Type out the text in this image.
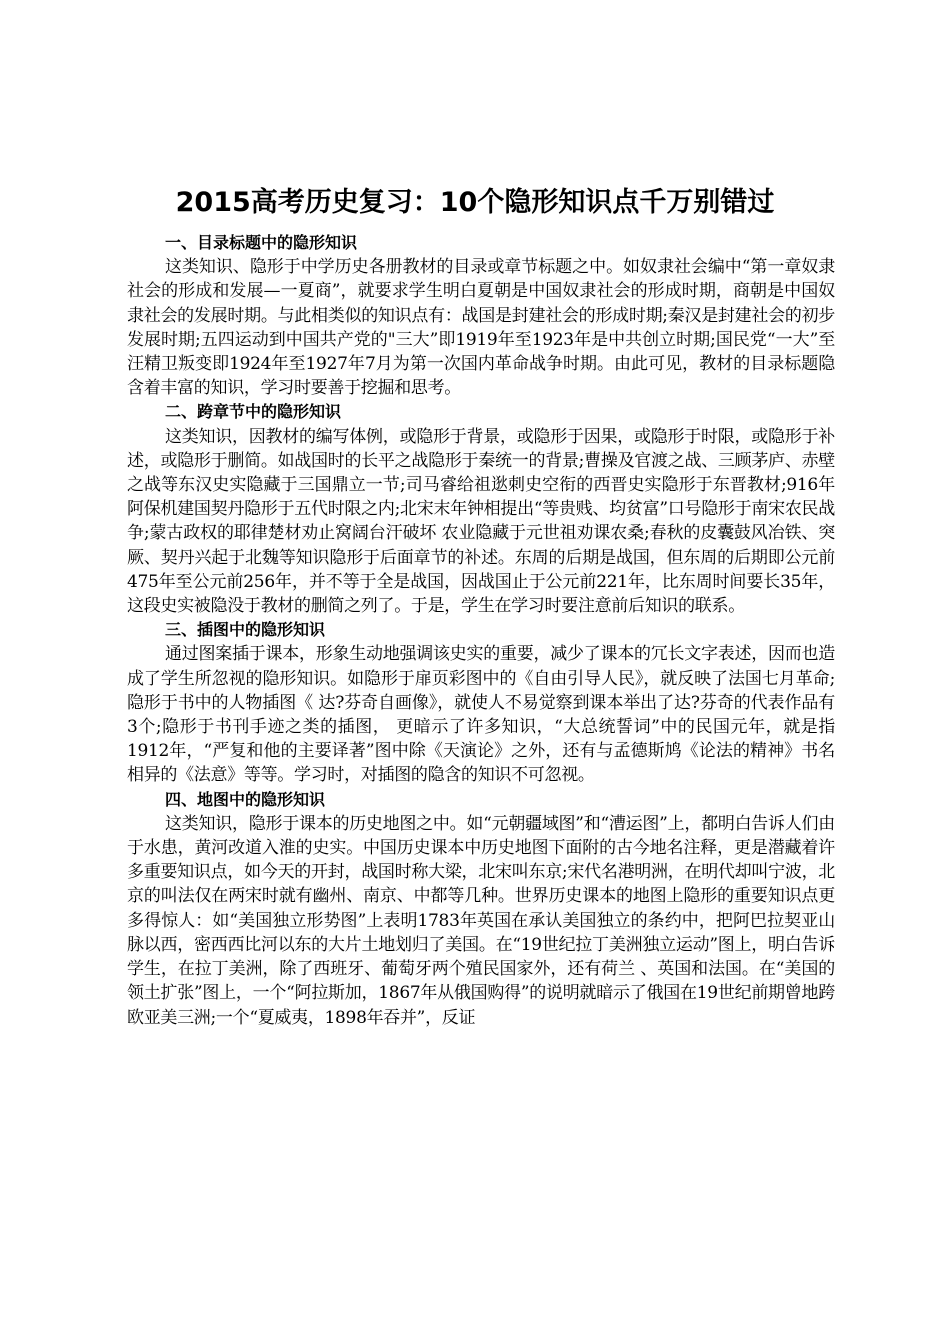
2015高考历史复习：10个隐形知识点千万别错过
一、目录标题中的隐形知识
这类知识、隐形于中学历史各册教材的目录或章节标题之中。如奴隶社会编中“第一章奴隶社会的形成和发展—一夏商”，就要求学生明白夏朝是中国奴隶社会的形成时期，商朝是中国奴隶社会的发展时期。与此相类似的知识点有：战国是封建社会的形成时期;秦汉是封建社会的初步发展时期;五四运动到中国共产党的"三大”即1919年至1923年是中共创立时期;国民党“一大”至汪精卫叛变即1924年至1927年7月为第一次国内革命战争时期。由此可见，教材的目录标题隐含着丰富的知识，学习时要善于挖掘和思考。
二、跨章节中的隐形知识
这类知识，因教材的编写体例，或隐形于背景，或隐形于因果，或隐形于时限，或隐形于补述，或隐形于删简。如战国时的长平之战隐形于秦统一的背景;曹操及官渡之战、三顾茅庐、赤壁之战等东汉史实隐藏于三国鼎立一节;司马睿给祖逖刺史空衔的西晋史实隐形于东晋教材;916年阿保机建国契丹隐形于五代时限之内;北宋末年钟相提出“等贵贱、均贫富”口号隐形于南宋农民战争;蒙古政权的耶律楚材劝止窝阔台汗破坏 农业隐藏于元世祖劝课农桑;春秋的皮囊鼓风冶铁、突厥、契丹兴起于北魏等知识隐形于后面章节的补述。东周的后期是战国，但东周的后期即公元前475年至公元前256年，并不等于全是战国，因战国止于公元前221年，比东周时间要长35年，这段史实被隐没于教材的删简之列了。于是，学生在学习时要注意前后知识的联系。
三、插图中的隐形知识
通过图案插于课本，形象生动地强调该史实的重要，减少了课本的冗长文字表述，因而也造成了学生所忽视的隐形知识。如隐形于扉页彩图中的《自由引导人民》，就反映了法国七月革命;隐形于书中的人物插图《 达?芬奇自画像》，就使人不易觉察到课本举出了达?芬奇的代表作品有3个;隐形于书刊手迹之类的插图， 更暗示了许多知识，“大总统誓词”中的民国元年，就是指1912年，“严复和他的主要译著”图中除《天演论》之外，还有与孟德斯鸠《论法的精神》书名相异的《法意》等等。学习时，对插图的隐含的知识不可忽视。
四、地图中的隐形知识
这类知识，隐形于课本的历史地图之中。如“元朝疆域图”和“漕运图”上，都明白告诉人们由于水患，黄河改道入淮的史实。中国历史课本中历史地图下面附的古今地名注释，更是潜藏着许多重要知识点，如今天的开封，战国时称大梁，北宋叫东京;宋代名港明洲，在明代却叫宁波，北京的叫法仅在两宋时就有幽州、南京、中都等几种。世界历史课本的地图上隐形的重要知识点更多得惊人：如“美国独立形势图”上表明1783年英国在承认美国独立的条约中，把阿巴拉契亚山脉以西，密西西比河以东的大片土地划归了美国。在“19世纪拉丁美洲独立运动”图上，明白告诉学生，在拉丁美洲，除了西班牙、葡萄牙两个殖民国家外，还有荷兰 、英国和法国。在“美国的领土扩张”图上，一个“阿拉斯加，1867年从俄国购得”的说明就暗示了俄国在19世纪前期曾地跨欧亚美三洲;一个“夏威夷，1898年吞并”，反证
